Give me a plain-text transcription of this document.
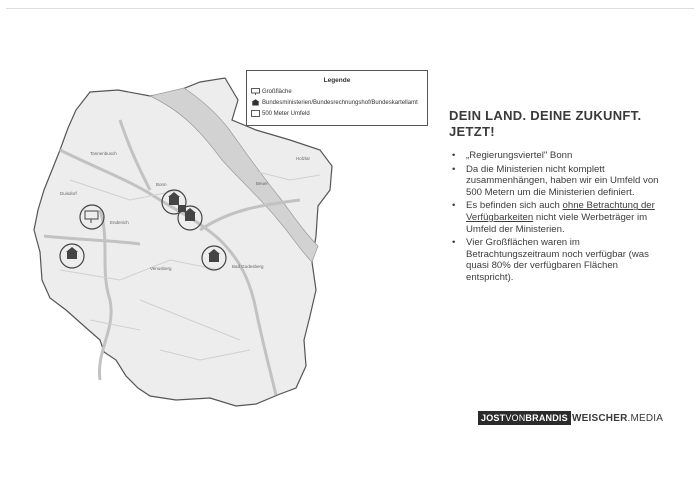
Bonn
Bad Godesberg
Beuel
Tannenbusch
Duisdorf
Endenich
Venusberg
Holzlar
Legende
Großfläche
Bundesministerien/Bundesrechnungshof/Bundeskartellamt
500 Meter Umfeld	DEIN LAND. DEINE ZUKUNFT.
JETZT!
• „Regierungsviertel" Bonn
• Da die Ministerien nicht komplett zusammenhängen, haben wir ein Umfeld von 500 Metern um die Ministerien definiert.
• Es befinden sich auch ohne Betrachtung der Verfügbarkeiten nicht viele Werbeträger im Umfeld der Ministerien.
• Vier Großflächen waren im Betrachtungszeitraum noch verfügbar (was quasi 80% der verfügbaren Flächen entspricht).
JOSTVONBRANDIS WEISCHER.MEDIA
